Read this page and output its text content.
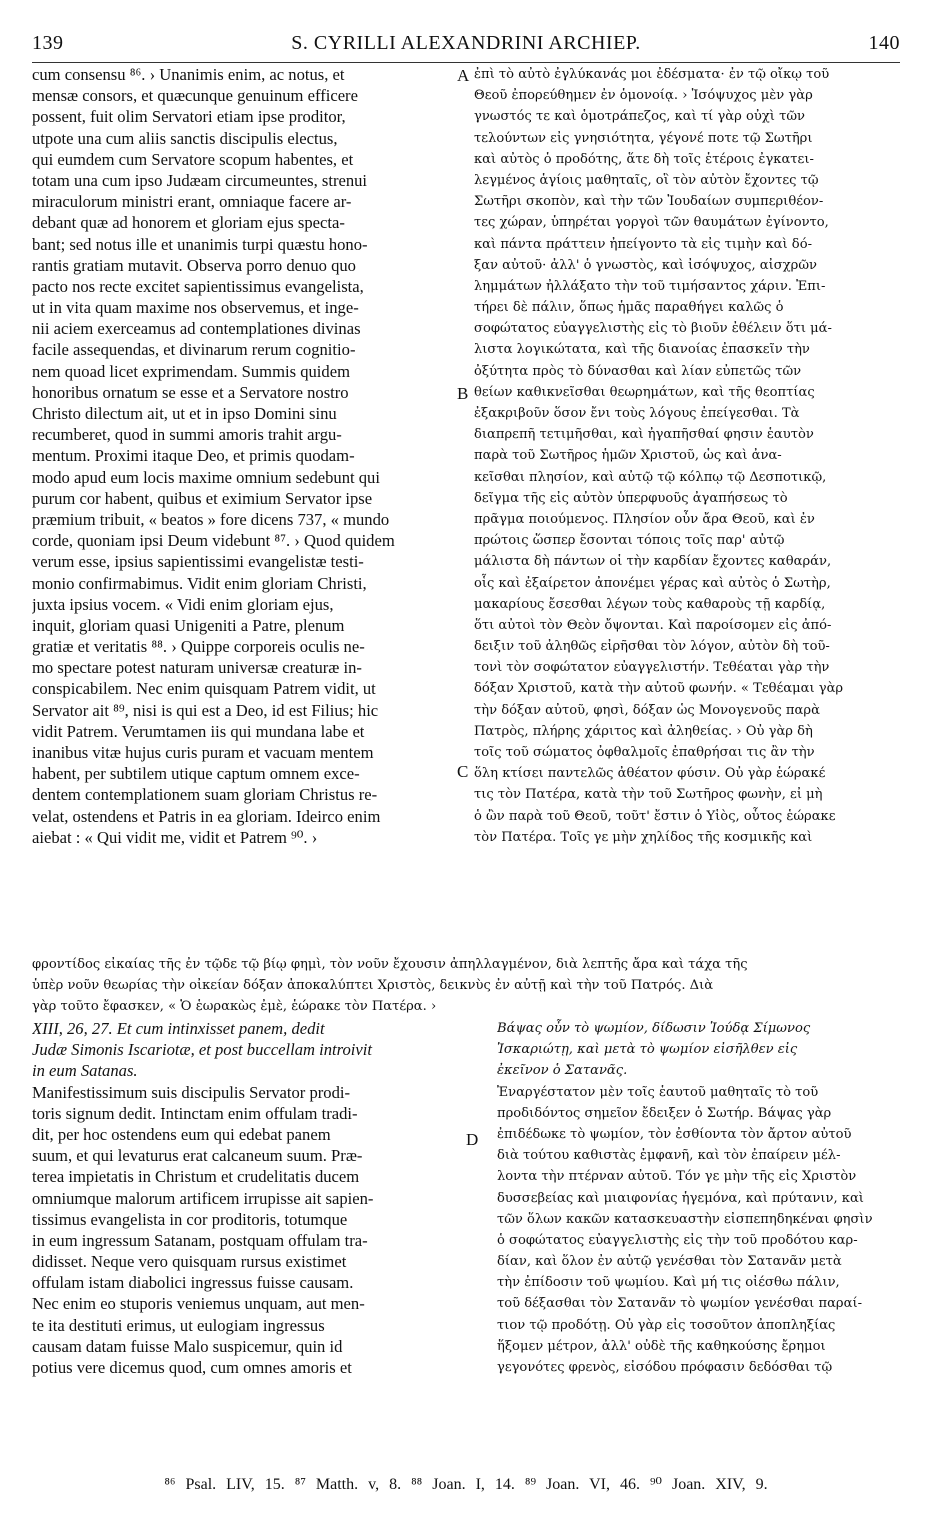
139	S. CYRILLI ALEXANDRINI ARCHIEP.	140
cum consensu ⁸⁶. › Unanimis enim, ac notus, et
mensæ consors, et quæcunque genuinum efficere
possent, fuit olim Servatori etiam ipse proditor,
utpote una cum aliis sanctis discipulis electus,
qui eumdem cum Servatore scopum habentes, et
totam una cum ipso Judæam circumeuntes, strenui
miraculorum ministri erant, omniaque facere ar-
debant quæ ad honorem et gloriam ejus specta-
bant; sed notus ille et unanimis turpi quæstu hono-
rantis gratiam mutavit. Observa porro denuo quo
pacto nos recte excitet sapientissimus evangelista,
ut in vita quam maxime nos observemus, et inge-
nii aciem exerceamus ad contemplationes divinas
facile assequendas, et divinarum rerum cognitio-
nem quoad licet exprimendam. Summis quidem
honoribus ornatum se esse et a Servatore nostro
Christo dilectum ait, ut et in ipso Domini sinu
recumberet, quod in summi amoris trahit argu-
mentum. Proximi itaque Deo, et primis quodam-
modo apud eum locis maxime omnium sedebunt qui
purum cor habent, quibus et eximium Servator ipse
præmium tribuit, « beatos » fore dicens 737, « mundo
corde, quoniam ipsi Deum videbunt ⁸⁷. › Quod quidem
verum esse, ipsius sapientissimi evangelistæ testi-
monio confirmabimus. Vidit enim gloriam Christi,
juxta ipsius vocem. « Vidi enim gloriam ejus,
inquit, gloriam quasi Unigeniti a Patre, plenum
gratiæ et veritatis ⁸⁸. › Quippe corporeis oculis ne-
mo spectare potest naturam universæ creaturæ in-
conspicabilem. Nec enim quisquam Patrem vidit, ut
Servator ait ⁸⁹, nisi is qui est a Deo, id est Filius; hic
vidit Patrem. Verumtamen iis qui mundana labe et
inanibus vitæ hujus curis puram et vacuam mentem
habent, per subtilem utique captum omnem exce-
dentem contemplationem suam gloriam Christus re-
velat, ostendens et Patris in ea gloriam. Ideirco enim
aiebat : « Qui vidit me, vidit et Patrem ⁹⁰. ›
ἐπὶ τὸ αὐτὸ ἐγλύκανάς μοι ἐδέσματα· ἐν τῷ οἴκῳ τοῦ
Θεοῦ ἐπορεύθημεν ἐν ὁμονοίᾳ. › Ἰσόψυχος μὲν γὰρ
γνωστός τε καὶ ὁμοτράπεζος, καὶ τί γὰρ οὐχὶ τῶν
τελούντων εἰς γνησιότητα, γέγονέ ποτε τῷ Σωτῆρι
καὶ αὐτὸς ὁ προδότης, ἅτε δὴ τοῖς ἑτέροις ἐγκατει-
λεγμένος ἁγίοις μαθηταῖς, οἳ τὸν αὐτὸν ἔχοντες τῷ
Σωτῆρι σκοπὸν, καὶ τὴν τῶν Ἰουδαίων συμπεριθέον-
τες χώραν, ὑπηρέται γοργοὶ τῶν θαυμάτων ἐγίνοντο,
καὶ πάντα πράττειν ἠπείγοντο τὰ εἰς τιμὴν καὶ δό-
ξαν αὐτοῦ· ἀλλ' ὁ γνωστὸς, καὶ ἰσόψυχος, αἰσχρῶν
λημμάτων ἠλλάξατο τὴν τοῦ τιμήσαντος χάριν. Ἐπι-
τήρει δὲ πάλιν, ὅπως ἡμᾶς παραθήγει καλῶς ὁ
σοφώτατος εὐαγγελιστὴς εἰς τὸ βιοῦν ἐθέλειν ὅτι μά-
λιστα λογικώτατα, καὶ τῆς διανοίας ἐπασκεῖν τὴν
ὀξύτητα πρὸς τὸ δύνασθαι καὶ λίαν εὐπετῶς τῶν
θείων καθικνεῖσθαι θεωρημάτων, καὶ τῆς θεοπτίας
ἐξακριβοῦν ὅσον ἔνι τοὺς λόγους ἐπείγεσθαι. Τὰ
διαπρεπῆ τετιμῆσθαι, καὶ ἠγαπῆσθαί φησιν ἑαυτὸν
παρὰ τοῦ Σωτῆρος ἡμῶν Χριστοῦ, ὡς καὶ ἀνα-
κεῖσθαι πλησίον, καὶ αὐτῷ τῷ κόλπῳ τῷ Δεσποτικῷ,
δεῖγμα τῆς εἰς αὐτὸν ὑπερφυοῦς ἀγαπήσεως τὸ
πρᾶγμα ποιούμενος. Πλησίον οὖν ἄρα Θεοῦ, καὶ ἐν
πρώτοις ὥσπερ ἔσονται τόποις τοῖς παρ' αὐτῷ
μάλιστα δὴ πάντων οἱ τὴν καρδίαν ἔχοντες καθαράν,
οἷς καὶ ἐξαίρετον ἀπονέμει γέρας καὶ αὐτὸς ὁ Σωτὴρ,
μακαρίους ἔσεσθαι λέγων τοὺς καθαροὺς τῇ καρδίᾳ,
ὅτι αὐτοὶ τὸν Θεὸν ὄψονται. Καὶ παροίσομεν εἰς ἀπό-
δειξιν τοῦ ἀληθῶς εἰρῆσθαι τὸν λόγον, αὐτὸν δὴ τοῦ-
τονὶ τὸν σοφώτατον εὐαγγελιστήν. Τεθέαται γὰρ τὴν
δόξαν Χριστοῦ, κατὰ τὴν αὐτοῦ φωνήν. « Τεθέαμαι γὰρ
τὴν δόξαν αὐτοῦ, φησὶ, δόξαν ὡς Μονογενοῦς παρὰ
Πατρὸς, πλήρης χάριτος καὶ ἀληθείας. › Οὐ γὰρ δὴ
τοῖς τοῦ σώματος ὀφθαλμοῖς ἐπαθρήσαι τις ἂν τὴν
ὅλη κτίσει παντελῶς ἀθέατον φύσιν. Οὐ γὰρ ἑώρακέ
τις τὸν Πατέρα, κατὰ τὴν τοῦ Σωτῆρος φωνὴν, εἰ μὴ
ὁ ὢν παρὰ τοῦ Θεοῦ, τοῦτ' ἔστιν ὁ Υἱὸς, οὗτος ἑώρακε
τὸν Πατέρα. Τοῖς γε μὴν χηλίδος τῆς κοσμικῆς καὶ
A
B
C
D
φροντίδος εἰκαίας τῆς ἐν τῷδε τῷ βίῳ φημὶ, τὸν νοῦν ἔχουσιν ἀπηλλαγμένον, διὰ λεπτῆς ἄρα καὶ τάχα τῆς
ὑπὲρ νοῦν θεωρίας τὴν οἰκείαν δόξαν ἀποκαλύπτει Χριστὸς, δεικνὺς ἐν αὐτῇ καὶ τὴν τοῦ Πατρός. Διὰ
γὰρ τοῦτο ἔφασκεν, « Ὁ ἑωρακὼς ἐμὲ, ἑώρακε τὸν Πατέρα. ›
XIII, 26, 27. Et cum intinxisset panem, dedit
Judæ Simonis Iscariotæ, et post buccellam introivit
in eum Satanas.
Manifestissimum suis discipulis Servator prodi-
toris signum dedit. Intinctam enim offulam tradi-
dit, per hoc ostendens eum qui edebat panem
suum, et qui levaturus erat calcaneum suum. Præ-
terea impietatis in Christum et crudelitatis ducem
omniumque malorum artificem irrupisse ait sapien-
tissimus evangelista in cor proditoris, totumque
in eum ingressum Satanam, postquam offulam tra-
didisset. Neque vero quisquam rursus existimet
offulam istam diabolici ingressus fuisse causam.
Nec enim eo stuporis veniemus unquam, aut men-
te ita destituti erimus, ut eulogiam ingressus
causam datam fuisse Malo suspicemur, quin id
potius vere dicemus quod, cum omnes amoris et
Βάψας οὖν τὸ ψωμίον, δίδωσιν Ἰούδᾳ Σίμωνος
Ἰσκαριώτῃ, καὶ μετὰ τὸ ψωμίον εἰσῆλθεν εἰς
ἐκεῖνον ὁ Σατανᾶς.
Ἐναργέστατον μὲν τοῖς ἑαυτοῦ μαθηταῖς τὸ τοῦ
προδιδόντος σημεῖον ἔδειξεν ὁ Σωτήρ. Βάψας γὰρ
ἐπιδέδωκε τὸ ψωμίον, τὸν ἐσθίοντα τὸν ἄρτον αὐτοῦ
διὰ τούτου καθιστὰς ἐμφανῆ, καὶ τὸν ἐπαίρειν μέλ-
λοντα τὴν πτέρναν αὐτοῦ. Τόν γε μὴν τῆς εἰς Χριστὸν
δυσσεβείας καὶ μιαιφονίας ἡγεμόνα, καὶ πρύτανιν, καὶ
τῶν ὅλων κακῶν κατασκευαστὴν εἰσπεπηδηκέναι φησὶν
ὁ σοφώτατος εὐαγγελιστὴς εἰς τὴν τοῦ προδότου καρ-
δίαν, καὶ ὅλον ἐν αὐτῷ γενέσθαι τὸν Σατανᾶν μετὰ
τὴν ἐπίδοσιν τοῦ ψωμίου. Καὶ μή τις οἰέσθω πάλιν,
τοῦ δέξασθαι τὸν Σατανᾶν τὸ ψωμίον γενέσθαι παραί-
τιον τῷ προδότῃ. Οὐ γὰρ εἰς τοσοῦτον ἀποπληξίας
ἥξομεν μέτρον, ἀλλ' οὐδὲ τῆς καθηκούσης ἔρημοι
γεγονότες φρενὸς, εἰσόδου πρόφασιν δεδόσθαι τῷ
⁸⁶ Psal. LIV, 15. ⁸⁷ Matth. v, 8. ⁸⁸ Joan. I, 14. ⁸⁹ Joan. VI, 46. ⁹⁰ Joan. XIV, 9.
